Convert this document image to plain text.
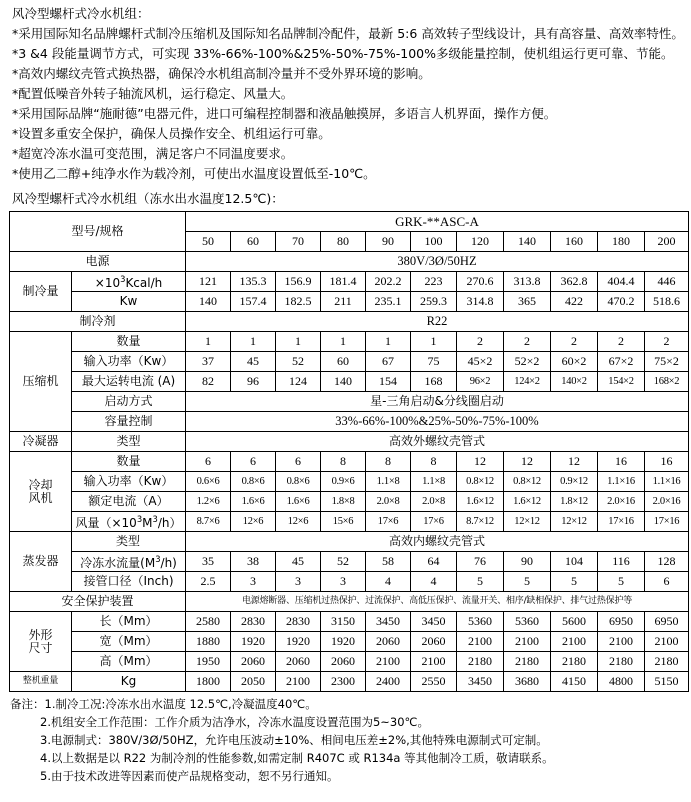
风冷型螺杆式冷水机组：
*采用国际知名品牌螺杆式制冷压缩机及国际知名品牌制冷配件，最新 5:6 高效转子型线设计，具有高容量、高效率特性。
*3 &4 段能量调节方式，可实现 33%-66%-100%&25%-50%-75%-100%多级能量控制，使机组运行更可靠、节能。
*高效内螺纹壳管式换热器，确保冷水机组高制冷量并不受外界环境的影响。
*配置低噪音外转子轴流风机，运行稳定、风量大。
*采用国际品牌“施耐德”电器元件，进口可编程控制器和液晶触摸屏，多语言人机界面，操作方便。
*设置多重安全保护，确保人员操作安全、机组运行可靠。
*超宽冷冻水温可变范围，满足客户不同温度要求。
*使用乙二醇+纯净水作为载冷剂，可使出水温度设置低至-10℃。
风冷型螺杆式冷水机组（冻水出水温度12.5℃)：
型号/规格		GRK-**ASC-A										
		50	60	70	80	90	100	120	140	160	180	200
电源		380V/3Ø/50HZ										
制冷量	$\times 10^3Kcal/h$	121	135.3	156.9	181.4	202.2	223	270.6	313.8	362.8	404.4	446
	Kw	140	157.4	182.5	211	235.1	259.3	314.8	365	422	470.2	518.6
制冷剂		R22										
压缩机	数量	1	1	1	1	1	1	2	2	2	2	2
	输入功率（Kw）	37	45	52	60	67	75	45×2	52×2	60×2	67×2	75×2
	最大运转电流 (A)	82	96	124	140	154	168	96×2	124×2	140×2	154×2	168×2
	启动方式	星-三角启动&分线圈启动										
	容量控制	33%-66%-100%&25%-50%-75%-100%										
冷凝器	类型	高效外螺纹壳管式										
冷却
风机	数量	6	6	6	8	8	8	12	12	12	16	16
	输入功率（Kw）	0.6×6	0.8×6	0.8×6	0.9×6	1.1×8	1.1×8	0.8×12	0.8×12	0.9×12	1.1×16	1.1×16
	额定电流（A）	1.2×6	1.6×6	1.6×6	1.8×8	2.0×8	2.0×8	1.6×12	1.6×12	1.8×12	2.0×16	2.0×16
	风量$(\times 10^3M^3/h)$	8.7×6	12×6	12×6	15×6	17×6	17×6	8.7×12	12×12	12×12	17×16	17×16
蒸发器	类型	高效内螺纹壳管式										
	冷冻水流量$(M^3/h)$	35	38	45	52	58	64	76	90	104	116	128
	接管口径（Inch)	2.5	3	3	3	4	4	5	5	5	5	6
安全保护装置		电源熔断器、压缩机过热保护、过流保护、高低压保护、流量开关、相序/缺相保护、排气过热保护等										
外形
尺寸	长（Mm）	2580	2830	2830	3150	3450	3450	5360	5360	5600	6950	6950
	宽（Mm）	1880	1920	1920	1920	2060	2060	2100	2100	2100	2100	2100
	高（Mm）	1950	2060	2060	2060	2100	2100	2180	2180	2180	2180	2180
整机重量	Kg	1800	2050	2100	2300	2400	2550	3450	3680	4150	4800	5150
备注：1.制冷工况:冷冻水出水温度 12.5℃,冷凝温度40℃。
2.机组安全工作范围：工作介质为洁净水，冷冻水温度设置范围为5~30℃。
3.电源制式：380V/3Ø/50HZ，允许电压波动±10%、相间电压差±2%,其他特殊电源制式可定制。
4.以上数据是以 R22 为制冷剂的性能参数,如需定制 R407C 或 R134a 等其他制冷工质，敬请联系。
5.由于技术改进等因素而使产品规格变动，恕不另行通知。
